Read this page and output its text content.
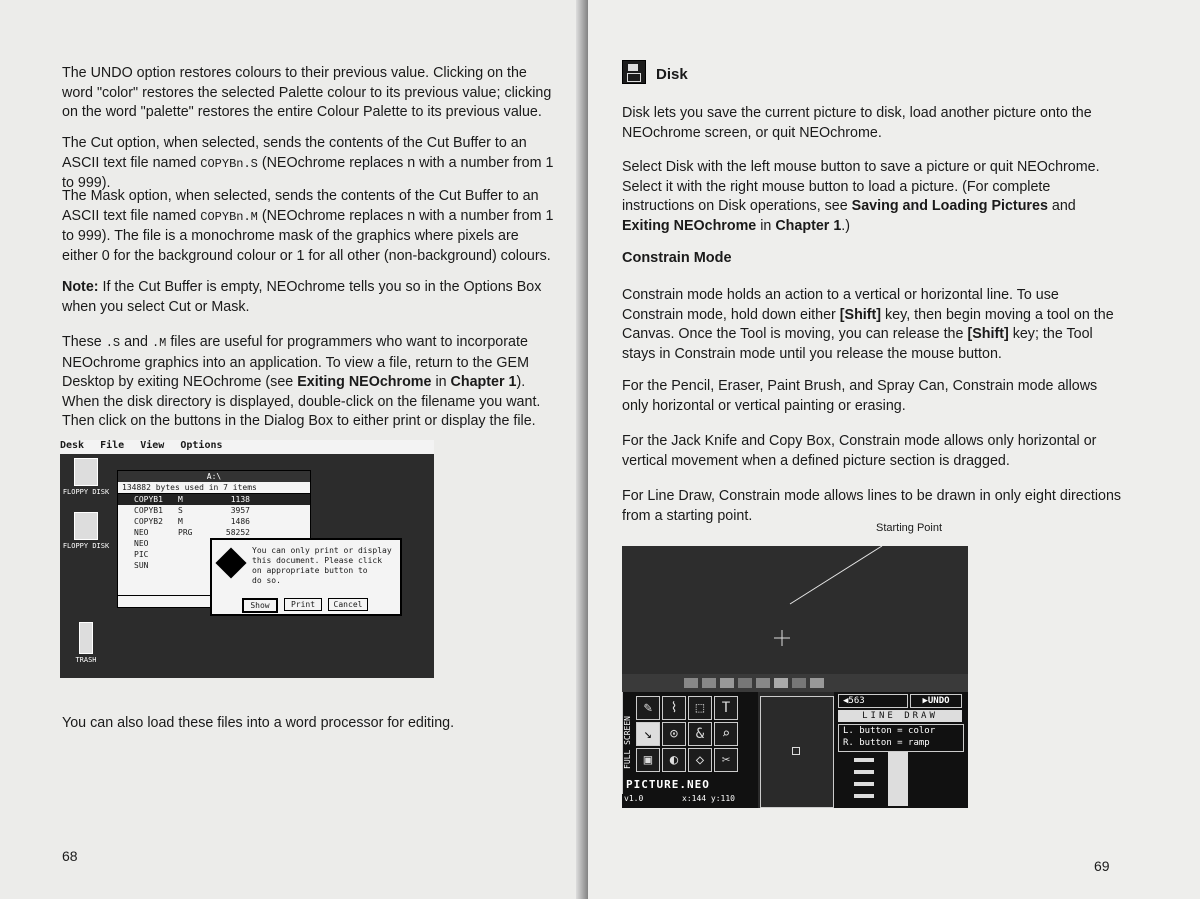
The UNDO option restores colours to their previous value. Clicking on the word "color" restores the selected Palette colour to its previous value; clicking on the word "palette" restores the entire Colour Palette to its previous value.

The Cut option, when selected, sends the contents of the Cut Buffer to an ASCII text file named COPYBn.S (NEOchrome replaces n with a number from 1 to 999).

The Mask option, when selected, sends the contents of the Cut Buffer to an ASCII text file named COPYBn.M (NEOchrome replaces n with a number from 1 to 999). The file is a monochrome mask of the graphics where pixels are either 0 for the background colour or 1 for all other (non-background) colours.

Note: If the Cut Buffer is empty, NEOchrome tells you so in the Options Box when you select Cut or Mask.

These .S and .M files are useful for programmers who want to incorporate NEOchrome graphics into an application. To view a file, return to the GEM Desktop by exiting NEOchrome (see Exiting NEOchrome in Chapter 1). When the disk directory is displayed, double-click on the filename you want. Then click on the buttons in the Dialog Box to either print or display the file.

Desk File View Options
FLOPPY DISK
FLOPPY DISK
TRASH
A:\
134882 bytes used in 7 items
COPYB1 M	1138
COPYB1 S	3957
COPYB2 M	1486
NEO	PRG	58252
NEO
PIC
SUN
You can only print or display
this document. Please click
on appropriate button to
do so.
Show	Print	Cancel

You can also load these files into a word processor for editing.

68
Disk

Disk lets you save the current picture to disk, load another picture onto the NEOchrome screen, or quit NEOchrome.

Select Disk with the left mouse button to save a picture or quit NEOchrome. Select it with the right mouse button to load a picture. (For complete instructions on Disk operations, see Saving and Loading Pictures and Exiting NEOchrome in Chapter 1.)

Constrain Mode

Constrain mode holds an action to a vertical or horizontal line. To use Constrain mode, hold down either [Shift] key, then begin moving a tool on the Canvas. Once the Tool is moving, you can release the [Shift] key; the Tool stays in Constrain mode until you release the mouse button.

For the Pencil, Eraser, Paint Brush, and Spray Can, Constrain mode allows only horizontal or vertical painting or erasing.

For the Jack Knife and Copy Box, Constrain mode allows only horizontal or vertical movement when a defined picture section is dragged.

For Line Draw, Constrain mode allows lines to be drawn in only eight directions from a starting point.

Starting Point
69
FULL SCREEN
✎	⌇	⬚	T
↘	⊙	&	⌕
▣	◐	◇	✂
PICTURE.NEO
v1.0	x:144 y:110
◀563	▶UNDO
LINE DRAW
L. button = color
R. button = ramp
